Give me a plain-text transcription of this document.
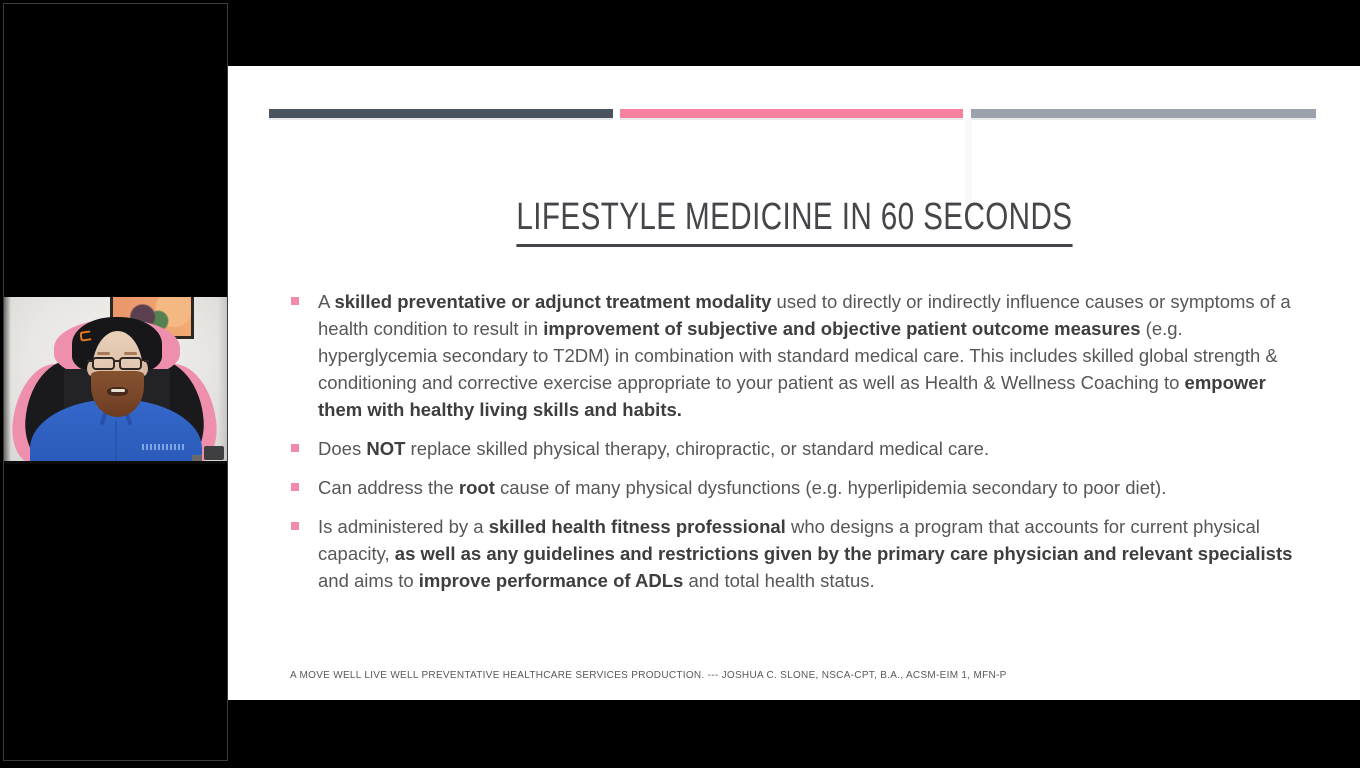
LIFESTYLE MEDICINE IN 60 SECONDS
A skilled preventative or adjunct treatment modality used to directly or indirectly influence causes or symptoms of a health condition to result in improvement of subjective and objective patient outcome measures (e.g. hyperglycemia secondary to T2DM) in combination with standard medical care. This includes skilled global strength & conditioning and corrective exercise appropriate to your patient as well as Health & Wellness Coaching to empower them with healthy living skills and habits.
Does NOT replace skilled physical therapy, chiropractic, or standard medical care.
Can address the root cause of many physical dysfunctions (e.g. hyperlipidemia secondary to poor diet).
Is administered by a skilled health fitness professional who designs a program that accounts for current physical capacity, as well as any guidelines and restrictions given by the primary care physician and relevant specialists and aims to improve performance of ADLs and total health status.
A MOVE WELL LIVE WELL PREVENTATIVE HEALTHCARE SERVICES PRODUCTION. --- JOSHUA C. SLONE, NSCA-CPT, B.A., ACSM-EIM 1, MFN-P
